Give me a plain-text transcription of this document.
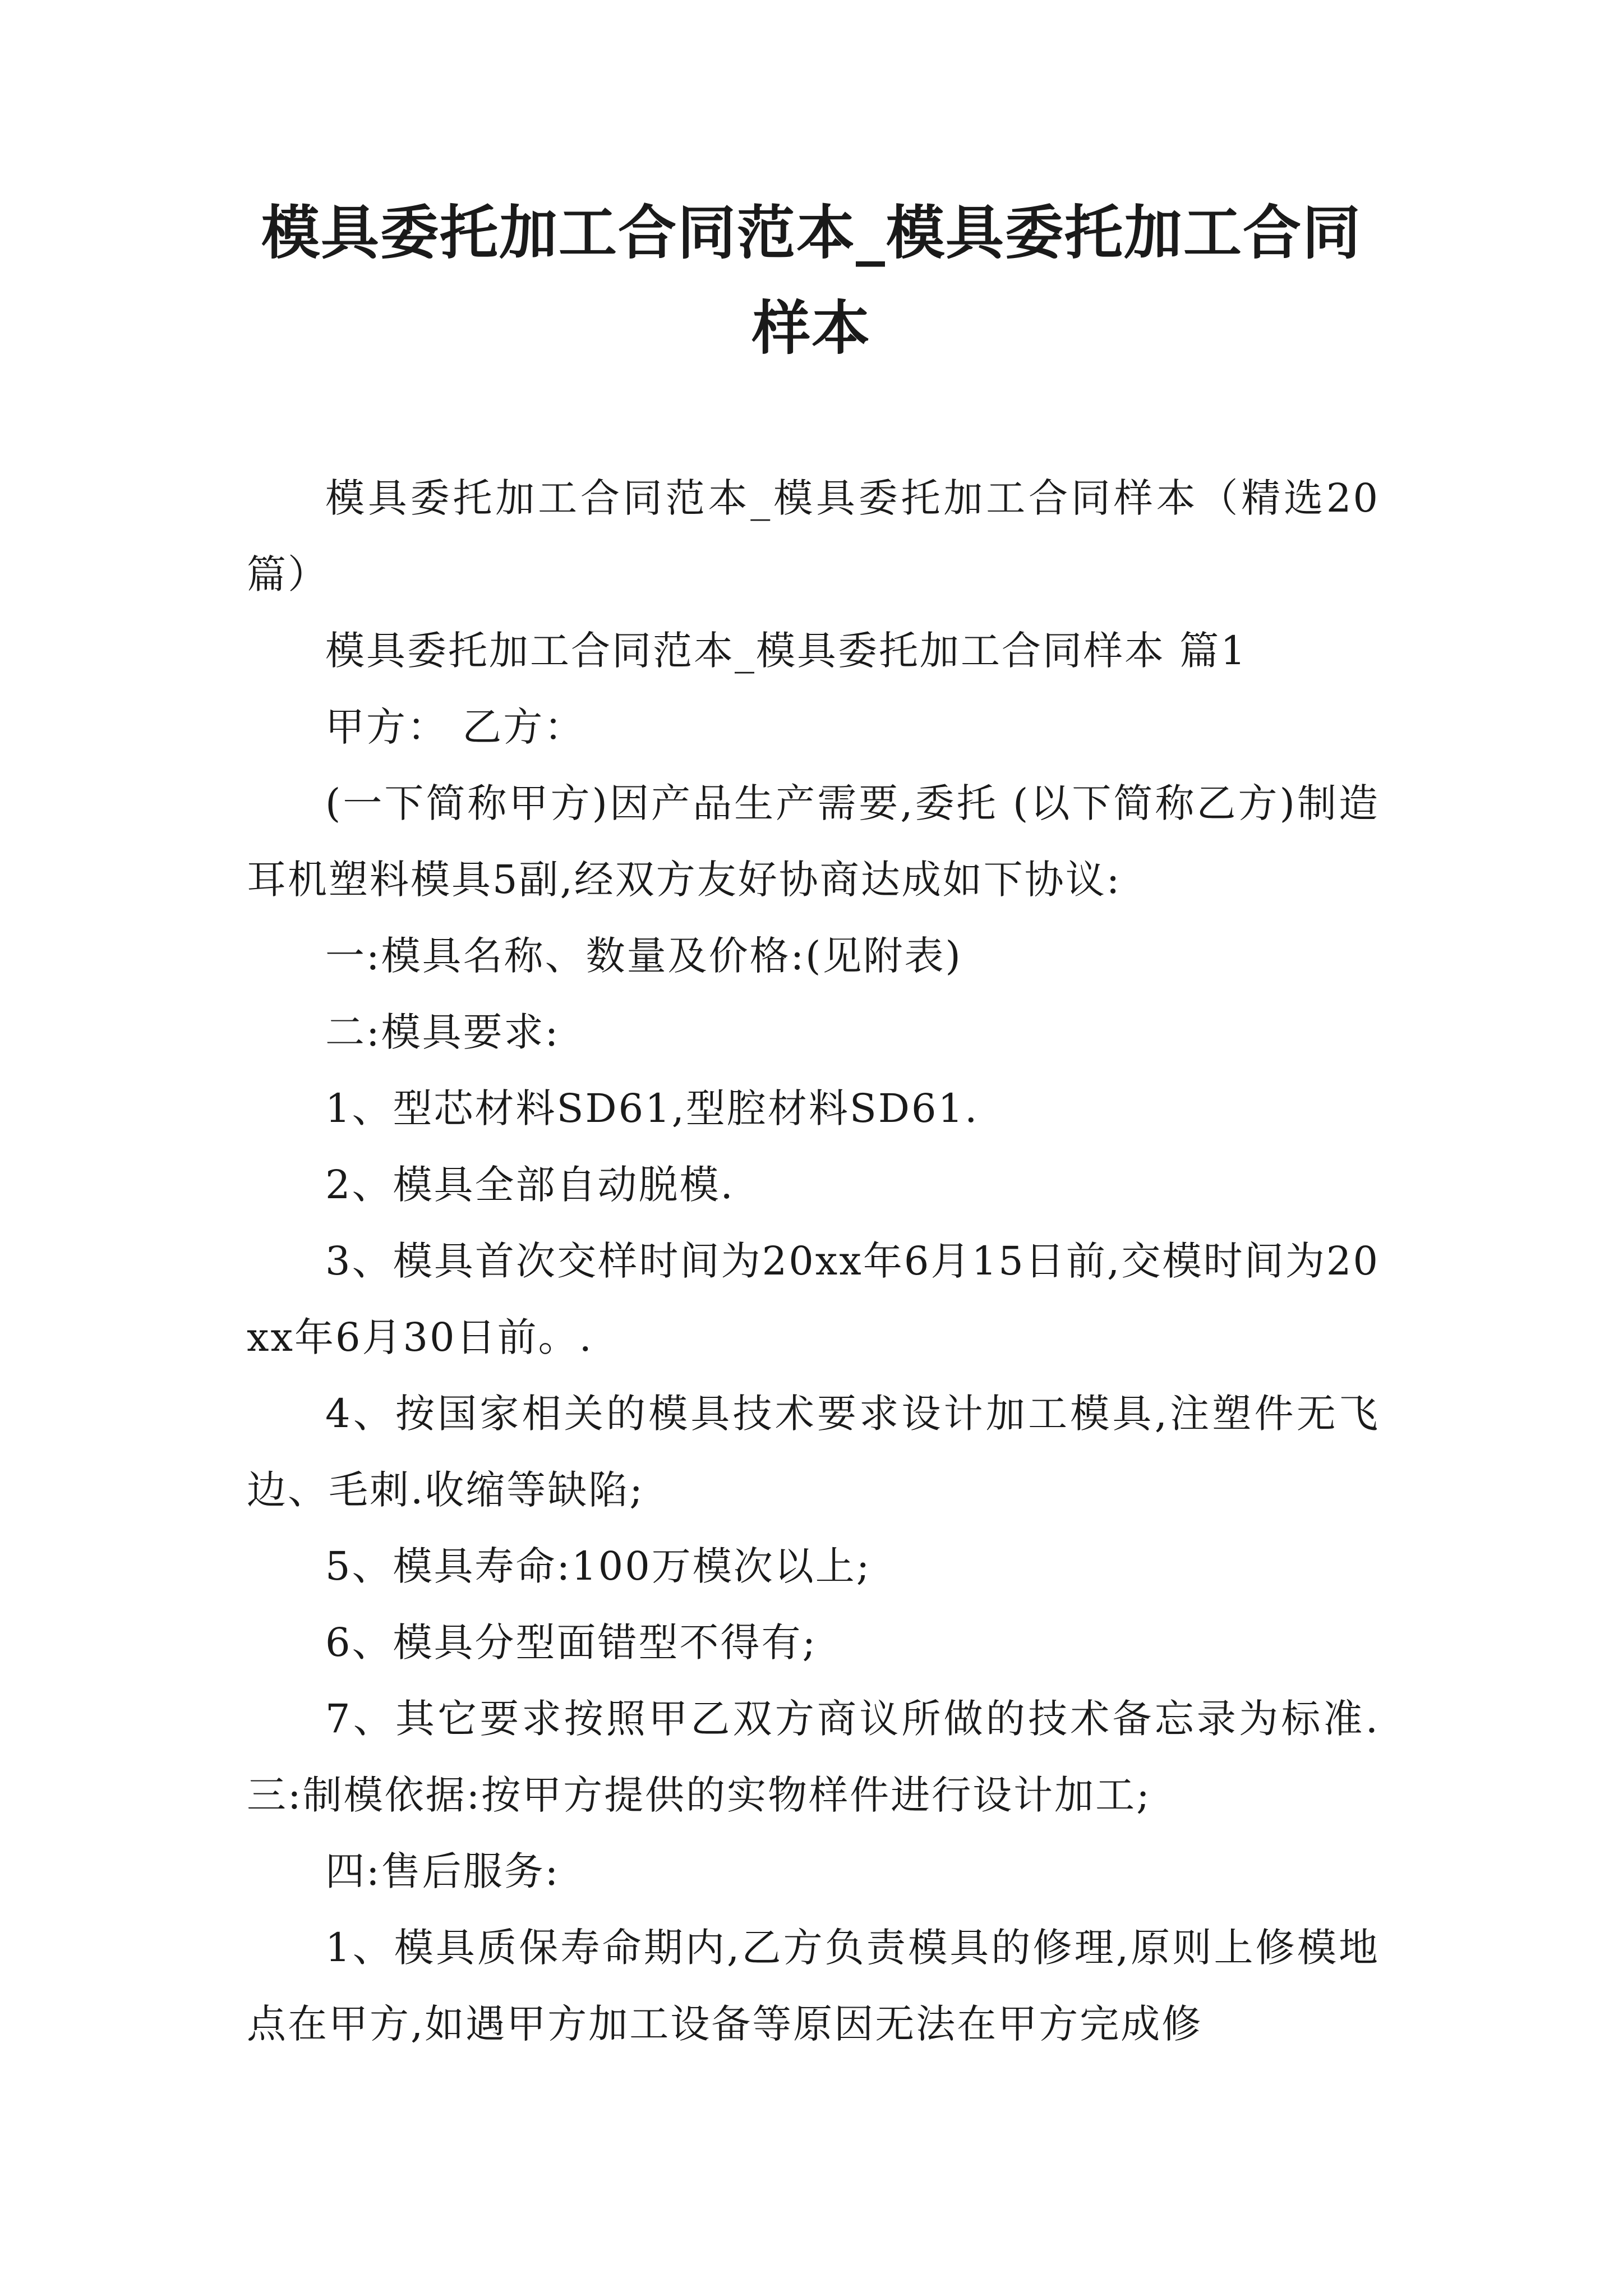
模具委托加工合同范本_模具委托加工合同
样本

模具委托加工合同范本_模具委托加工合同样本（精选20篇）

模具委托加工合同范本_模具委托加工合同样本 篇1

甲方： 乙方：

(一下简称甲方)因产品生产需要,委托 (以下简称乙方)制造耳机塑料模具5副,经双方友好协商达成如下协议:

一:模具名称、数量及价格:(见附表)

二:模具要求:

1、型芯材料SD61,型腔材料SD61.

2、模具全部自动脱模.

3、模具首次交样时间为20xx年6月15日前,交模时间为20xx年6月30日前。.

4、按国家相关的模具技术要求设计加工模具,注塑件无飞边、毛刺.收缩等缺陷;

5、模具寿命:100万模次以上;

6、模具分型面错型不得有;

7、其它要求按照甲乙双方商议所做的技术备忘录为标准. 三:制模依据:按甲方提供的实物样件进行设计加工;

四:售后服务:

1、模具质保寿命期内,乙方负责模具的修理,原则上修模地点在甲方,如遇甲方加工设备等原因无法在甲方完成修
